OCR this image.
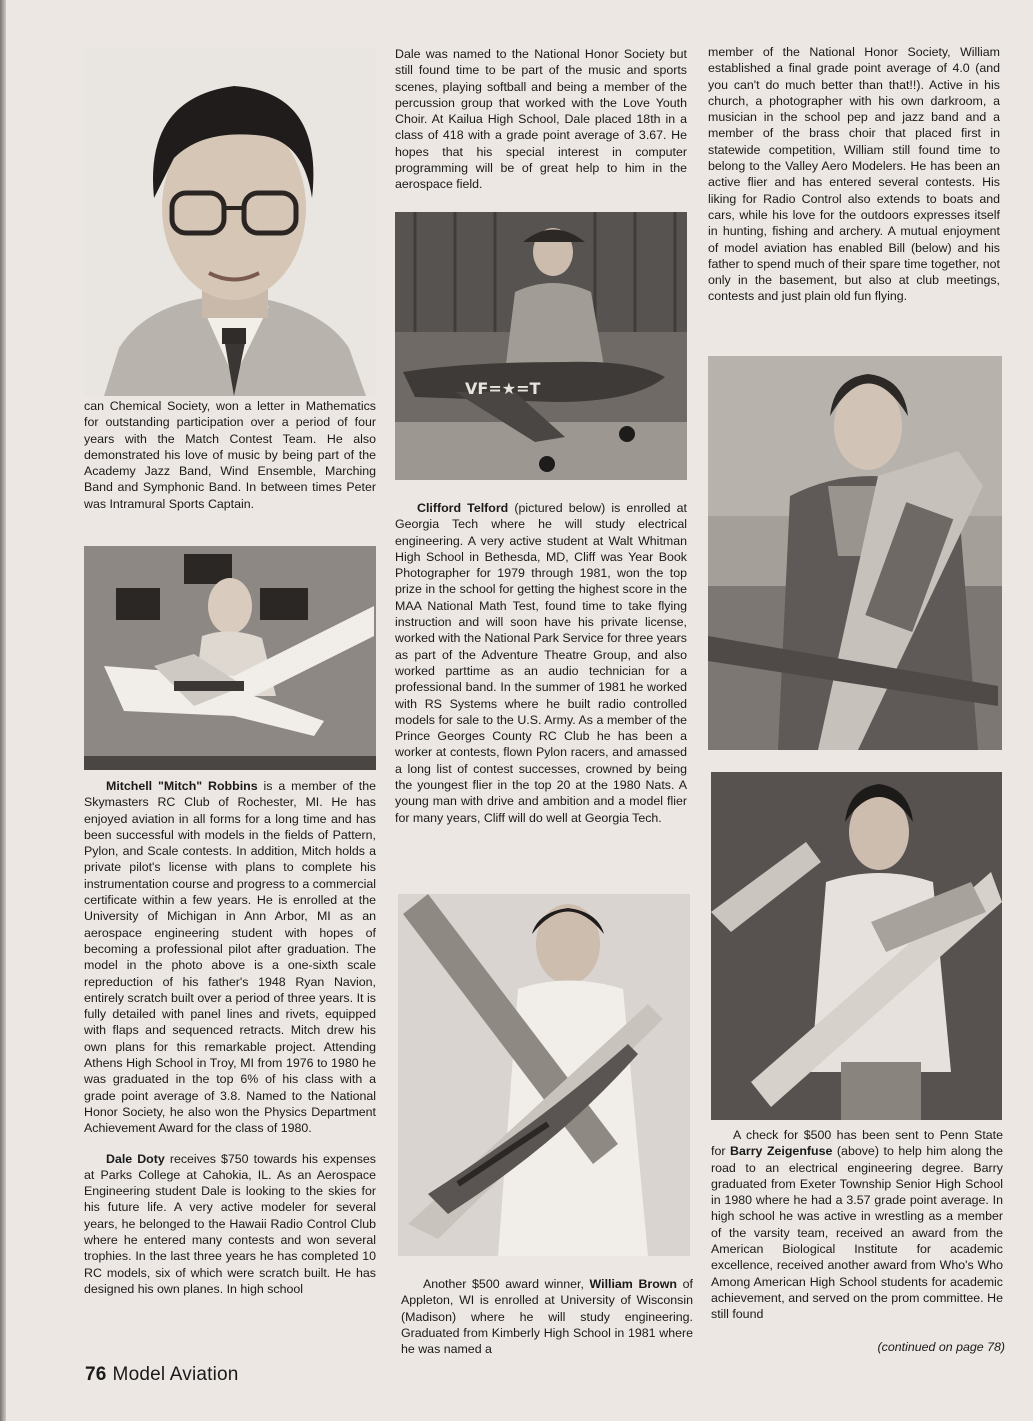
can Chemical Society, won a letter in Mathematics for outstanding participation over a period of four years with the Match Contest Team. He also demonstrated his love of music by being part of the Academy Jazz Band, Wind Ensemble, Marching Band and Symphonic Band. In between times Peter was Intramural Sports Captain.

Mitchell "Mitch" Robbins is a member of the Skymasters RC Club of Rochester, MI. He has enjoyed aviation in all forms for a long time and has been successful with models in the fields of Pattern, Pylon, and Scale contests. In addition, Mitch holds a private pilot's license with plans to complete his instrumentation course and progress to a commercial certificate within a few years. He is enrolled at the University of Michigan in Ann Arbor, MI as an aerospace engineering student with hopes of becoming a professional pilot after graduation. The model in the photo above is a one-sixth scale repreduction of his father's 1948 Ryan Navion, entirely scratch built over a period of three years. It is fully detailed with panel lines and rivets, equipped with flaps and sequenced retracts. Mitch drew his own plans for this remarkable project. Attending Athens High School in Troy, MI from 1976 to 1980 he was graduated in the top 6% of his class with a grade point average of 3.8. Named to the National Honor Society, he also won the Physics Department Achievement Award for the class of 1980.

Dale Doty receives $750 towards his expenses at Parks College at Cahokia, IL. As an Aerospace Engineering student Dale is looking to the skies for his future life. A very active modeler for several years, he belonged to the Hawaii Radio Control Club where he entered many contests and won several trophies. In the last three years he has completed 10 RC models, six of which were scratch built. He has designed his own planes. In high school

Dale was named to the National Honor Society but still found time to be part of the music and sports scenes, playing softball and being a member of the percussion group that worked with the Love Youth Choir. At Kailua High School, Dale placed 18th in a class of 418 with a grade point average of 3.67. He hopes that his special interest in computer programming will be of great help to him in the aerospace field.

VF=★=T

Clifford Telford (pictured below) is enrolled at Georgia Tech where he will study electrical engineering. A very active student at Walt Whitman High School in Bethesda, MD, Cliff was Year Book Photographer for 1979 through 1981, won the top prize in the school for getting the highest score in the MAA National Math Test, found time to take flying instruction and will soon have his private license, worked with the National Park Service for three years as part of the Adventure Theatre Group, and also worked parttime as an audio technician for a professional band. In the summer of 1981 he worked with RS Systems where he built radio controlled models for sale to the U.S. Army. As a member of the Prince Georges County RC Club he has been a worker at contests, flown Pylon racers, and amassed a long list of contest successes, crowned by being the youngest flier in the top 20 at the 1980 Nats. A young man with drive and ambition and a model flier for many years, Cliff will do well at Georgia Tech.

Another $500 award winner, William Brown of Appleton, WI is enrolled at University of Wisconsin (Madison) where he will study engineering. Graduated from Kimberly High School in 1981 where he was named a

member of the National Honor Society, William established a final grade point average of 4.0 (and you can't do much better than that!!). Active in his church, a photographer with his own darkroom, a musician in the school pep and jazz band and a member of the brass choir that placed first in statewide competition, William still found time to belong to the Valley Aero Modelers. He has been an active flier and has entered several contests. His liking for Radio Control also extends to boats and cars, while his love for the outdoors expresses itself in hunting, fishing and archery. A mutual enjoyment of model aviation has enabled Bill (below) and his father to spend much of their spare time together, not only in the basement, but also at club meetings, contests and just plain old fun flying.

A check for $500 has been sent to Penn State for Barry Zeigenfuse (above) to help him along the road to an electrical engineering degree. Barry graduated from Exeter Township Senior High School in 1980 where he had a 3.57 grade point average. In high school he was active in wrestling as a member of the varsity team, received an award from the American Biological Institute for academic excellence, received another award from Who's Who Among American High School students for academic achievement, and served on the prom committee. He still found

(continued on page 78)
76 Model Aviation
